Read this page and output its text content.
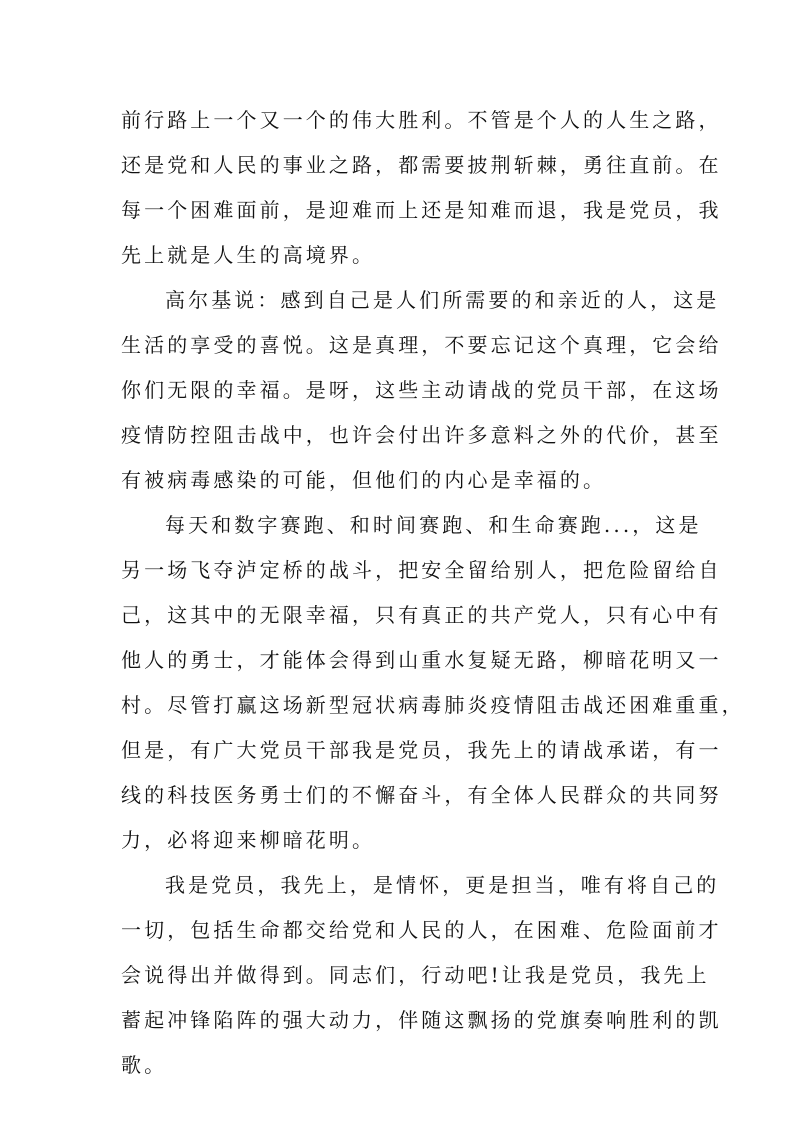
前行路上一个又一个的伟大胜利。不管是个人的人生之路，
还是党和人民的事业之路，都需要披荆斩棘，勇往直前。在
每一个困难面前，是迎难而上还是知难而退，我是党员，我
先上就是人生的高境界。
高尔基说：感到自己是人们所需要的和亲近的人，这是
生活的享受的喜悦。这是真理，不要忘记这个真理，它会给
你们无限的幸福。是呀，这些主动请战的党员干部，在这场
疫情防控阻击战中，也许会付出许多意料之外的代价，甚至
有被病毒感染的可能，但他们的内心是幸福的。
每天和数字赛跑、和时间赛跑、和生命赛跑...，这是
另一场飞夺泸定桥的战斗，把安全留给别人，把危险留给自
己，这其中的无限幸福，只有真正的共产党人，只有心中有
他人的勇士，才能体会得到山重水复疑无路，柳暗花明又一
村。尽管打赢这场新型冠状病毒肺炎疫情阻击战还困难重重，
但是，有广大党员干部我是党员，我先上的请战承诺，有一
线的科技医务勇士们的不懈奋斗，有全体人民群众的共同努
力，必将迎来柳暗花明。
我是党员，我先上，是情怀，更是担当，唯有将自己的
一切，包括生命都交给党和人民的人，在困难、危险面前才
会说得出并做得到。同志们，行动吧!让我是党员，我先上
蓄起冲锋陷阵的强大动力，伴随这飘扬的党旗奏响胜利的凯
歌。
